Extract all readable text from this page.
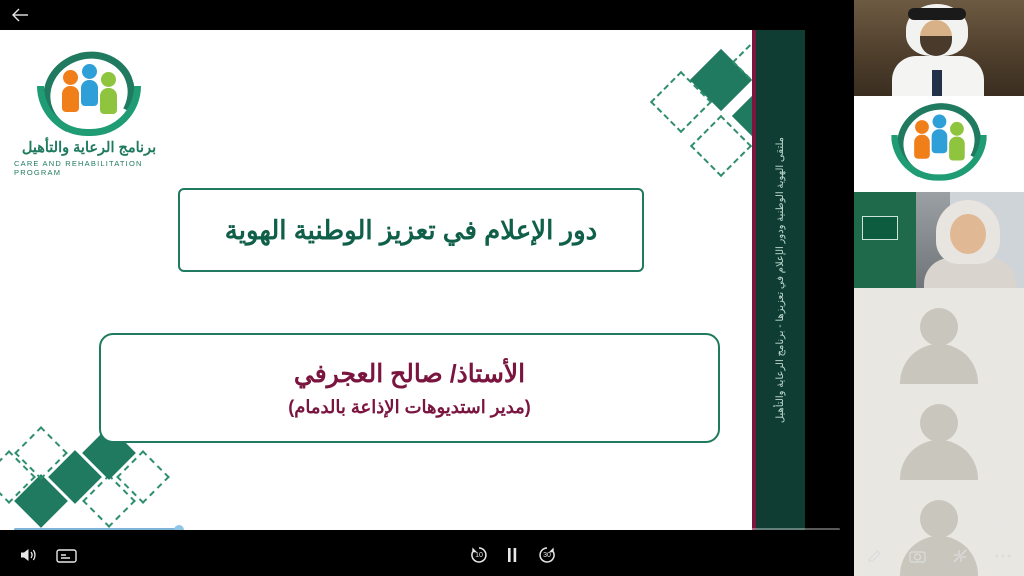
برنامج الرعاية والتأهيل
CARE AND REHABILITATION PROGRAM
دور الإعلام في تعزيز الوطنية الهوية
الأستاذ/ صالح العجرفي
(مدير استديوهات الإذاعة بالدمام)	ملتقى الهوية الوطنية ودور الإعلام في تعزيزها - برنامج الرعاية والتأهيل
10	30
1:12:37
